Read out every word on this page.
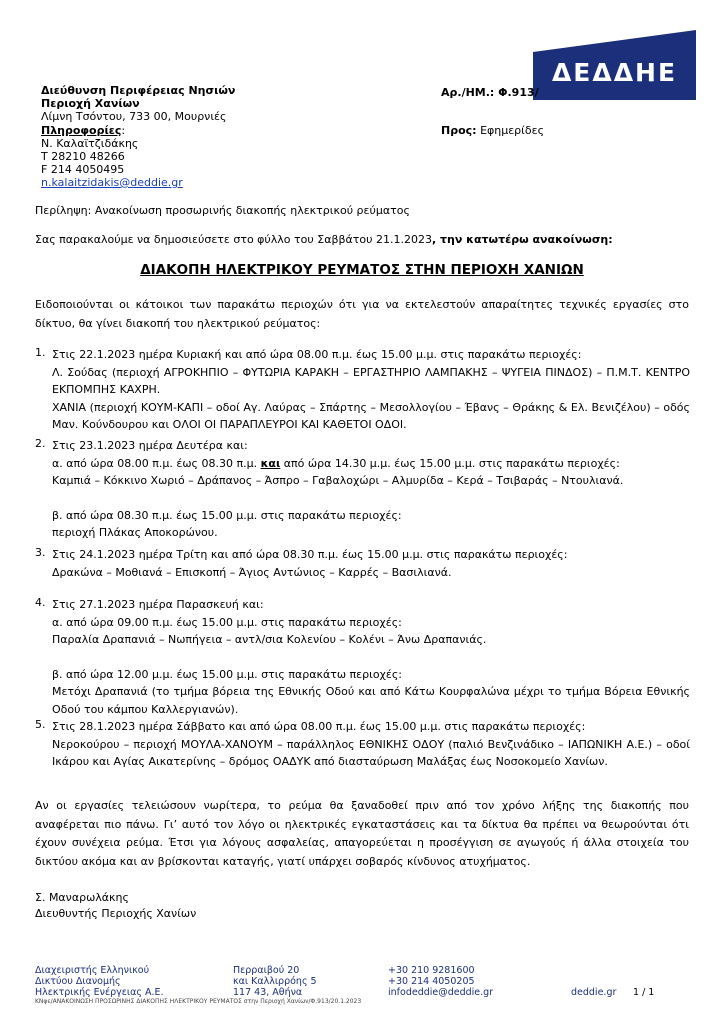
ΔΕΔΔΗΕ
Διεύθυνση Περιφέρειας Νησιών
Περιοχή Χανίων
Λίμνη Τσόντου, 733 00, Μουρνιές
Πληροφορίες:
Ν. Καλαϊτζιδάκης
Τ 28210 48266
F 214 4050495
n.kalaitzidakis@deddie.gr
Αρ./ΗΜ.: Φ.913/
Προς: Εφημερίδες
Περίληψη: Ανακοίνωση προσωρινής διακοπής ηλεκτρικού ρεύματος
Σας παρακαλούμε να δημοσιεύσετε στο φύλλο του Σαββάτου 21.1.2023, την κατωτέρω ανακοίνωση:
ΔΙΑΚΟΠΗ ΗΛΕΚΤΡΙΚΟΥ ΡΕΥΜΑΤΟΣ ΣΤΗΝ ΠΕΡΙΟΧΗ ΧΑΝΙΩΝ
Ειδοποιούνται οι κάτοικοι των παρακάτω περιοχών ότι για να εκτελεστούν απαραίτητες τεχνικές εργασίες στο δίκτυο, θα γίνει διακοπή του ηλεκτρικού ρεύματος:
1. Στις 22.1.2023 ημέρα Κυριακή και από ώρα 08.00 π.μ. έως 15.00 μ.μ. στις παρακάτω περιοχές:
Λ. Σούδας (περιοχή ΑΓΡΟΚΗΠΙΟ – ΦΥΤΩΡΙΑ ΚΑΡΑΚΗ – ΕΡΓΑΣΤΗΡΙΟ ΛΑΜΠΑΚΗΣ – ΨΥΓΕΙΑ ΠΙΝΔΟΣ) – Π.Μ.Τ. ΚΕΝΤΡΟ ΕΚΠΟΜΠΗΣ ΚΑΧΡΗ.
ΧΑΝΙΑ (περιοχή ΚΟΥΜ-ΚΑΠΙ – οδοί Αγ. Λαύρας – Σπάρτης – Μεσολλογίου – Έβανς – Θράκης & Ελ. Βενιζέλου) – οδός Μαν. Κούνδουρου και ΟΛΟΙ ΟΙ ΠΑΡΑΠΛΕΥΡΟΙ ΚΑΙ ΚΑΘΕΤΟΙ ΟΔΟΙ.
2. Στις 23.1.2023 ημέρα Δευτέρα και:
α. από ώρα 08.00 π.μ. έως 08.30 π.μ. και από ώρα 14.30 μ.μ. έως 15.00 μ.μ. στις παρακάτω περιοχές:
Καμπιά – Κόκκινο Χωριό – Δράπανος – Άσπρο – Γαβαλοχώρι – Αλμυρίδα – Κερά – Τσιβαράς – Ντουλιανά.
β. από ώρα 08.30 π.μ. έως 15.00 μ.μ. στις παρακάτω περιοχές:
περιοχή Πλάκας Αποκορώνου.
3. Στις 24.1.2023 ημέρα Τρίτη και από ώρα 08.30 π.μ. έως 15.00 μ.μ. στις παρακάτω περιοχές:
Δρακώνα – Μοθιανά – Επισκοπή – Άγιος Αντώνιος – Καρρές – Βασιλιανά.
4. Στις 27.1.2023 ημέρα Παρασκευή και:
α. από ώρα 09.00 π.μ. έως 15.00 μ.μ. στις παρακάτω περιοχές:
Παραλία Δραπανιά – Νωπήγεια – αντλ/σια Κολενίου – Κολένι – Άνω Δραπανιάς.
β. από ώρα 12.00 μ.μ. έως 15.00 μ.μ. στις παρακάτω περιοχές:
Μετόχι Δραπανιά (το τμήμα βόρεια της Εθνικής Οδού και από Κάτω Κουρφαλώνα μέχρι το τμήμα Βόρεια Εθνικής Οδού του κάμπου Καλλεργιανών).
5. Στις 28.1.2023 ημέρα Σάββατο και από ώρα 08.00 π.μ. έως 15.00 μ.μ. στις παρακάτω περιοχές:
Νεροκούρου – περιοχή ΜΟΥΛΑ-ΧΑΝΟΥΜ – παράλληλος ΕΘΝΙΚΗΣ ΟΔΟΥ (παλιό Βενζινάδικο – ΙΑΠΩΝΙΚΗ Α.Ε.) – οδοί Ικάρου και Αγίας Αικατερίνης – δρόμος ΟΑΔΥΚ από διασταύρωση Μαλάξας έως Νοσοκομείο Χανίων.
Αν οι εργασίες τελειώσουν νωρίτερα, το ρεύμα θα ξαναδοθεί πριν από τον χρόνο λήξης της διακοπής που αναφέρεται πιο πάνω. Γι’ αυτό τον λόγο οι ηλεκτρικές εγκαταστάσεις και τα δίκτυα θα πρέπει να θεωρούνται ότι έχουν συνέχεια ρεύμα. Έτσι για λόγους ασφαλείας, απαγορεύεται η προσέγγιση σε αγωγούς ή άλλα στοιχεία του δικτύου ακόμα και αν βρίσκονται καταγής, γιατί υπάρχει σοβαρός κίνδυνος ατυχήματος.
Σ. Μαναρωλάκης
Διευθυντής Περιοχής Χανίων
Διαχειριστής Ελληνικού
Δικτύου Διανομής
Ηλεκτρικής Ενέργειας Α.Ε.
Περραιβού 20
και Καλλιρρόης 5
117 43, Αθήνα
+30 210 9281600
+30 214 4050205
infodeddie@deddie.gr	deddie.gr 1 / 1
ΚΝφε/ΑΝΑΚΟΙΝΩΣΗ ΠΡΟΣΩΡΙΝΗΣ ΔΙΑΚΟΠΗΣ ΗΛΕΚΤΡΙΚΟΥ ΡΕΥΜΑΤΟΣ στην Περιοχή Χανίων/Φ.913/20.1.2023
